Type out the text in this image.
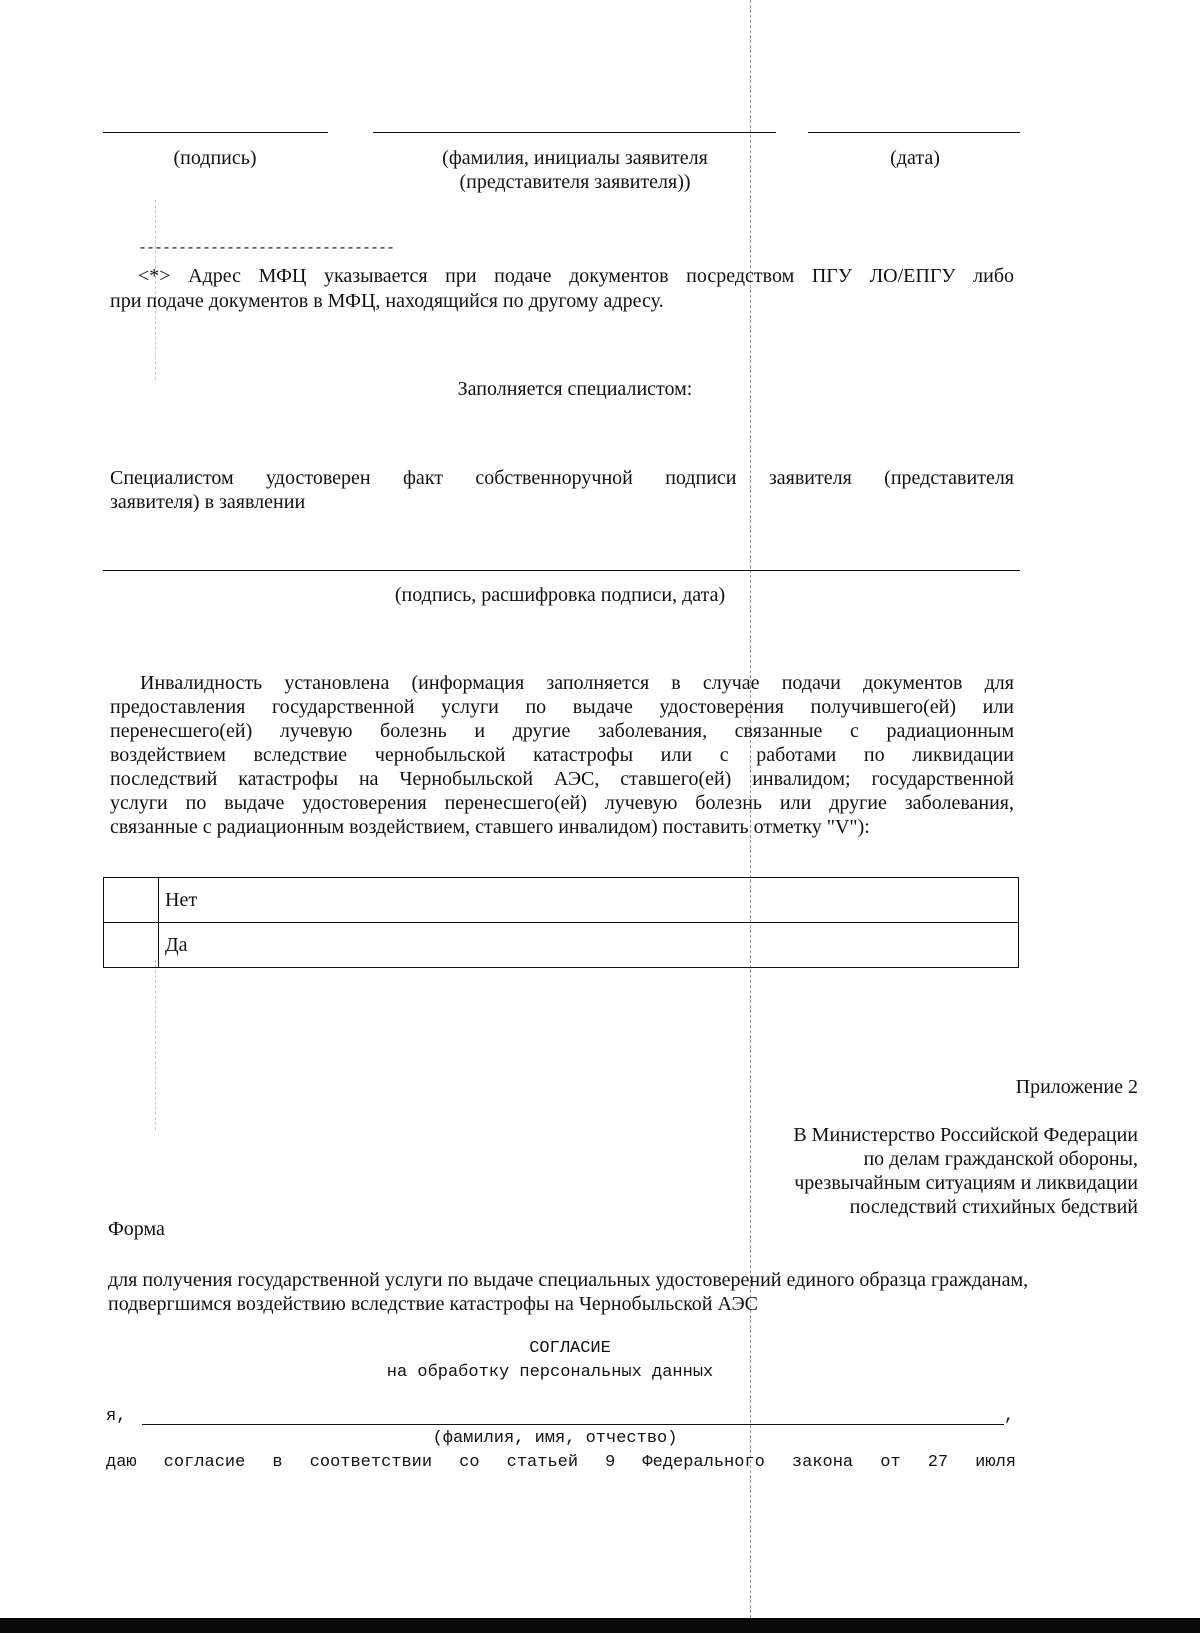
(подпись)	(фамилия, инициалы заявителя
(представителя заявителя))
(дата)
--------------------------------
<*> Адрес МФЦ указывается при подаче документов посредством ПГУ ЛО/ЕПГУ либо
при подаче документов в МФЦ, находящийся по другому адресу.
Заполняется специалистом:
Специалистом удостоверен факт собственноручной подписи заявителя (представителя
заявителя) в заявлении
(подпись, расшифровка подписи, дата)
Инвалидность установлена (информация заполняется в случае подачи документов для
предоставления государственной услуги по выдаче удостоверения получившего(ей) или
перенесшего(ей) лучевую болезнь и другие заболевания, связанные с радиационным
воздействием вследствие чернобыльской катастрофы или с работами по ликвидации
последствий катастрофы на Чернобыльской АЭС, ставшего(ей) инвалидом; государственной
услуги по выдаче удостоверения перенесшего(ей) лучевую болезнь или другие заболевания,
связанные с радиационным воздействием, ставшего инвалидом) поставить отметку "V"):
	Нет
	Да
Приложение 2
В Министерство Российской Федерации
по делам гражданской обороны,
чрезвычайным ситуациям и ликвидации
последствий стихийных бедствий
Форма
для получения государственной услуги по выдаче специальных удостоверений единого образца гражданам,
подвергшимся воздействию вследствие катастрофы на Чернобыльской АЭС
СОГЛАСИЕ
на обработку персональных данных
я,	,
(фамилия, имя, отчество)
даю согласие в соответствии со статьей 9 Федерального закона от 27 июля
